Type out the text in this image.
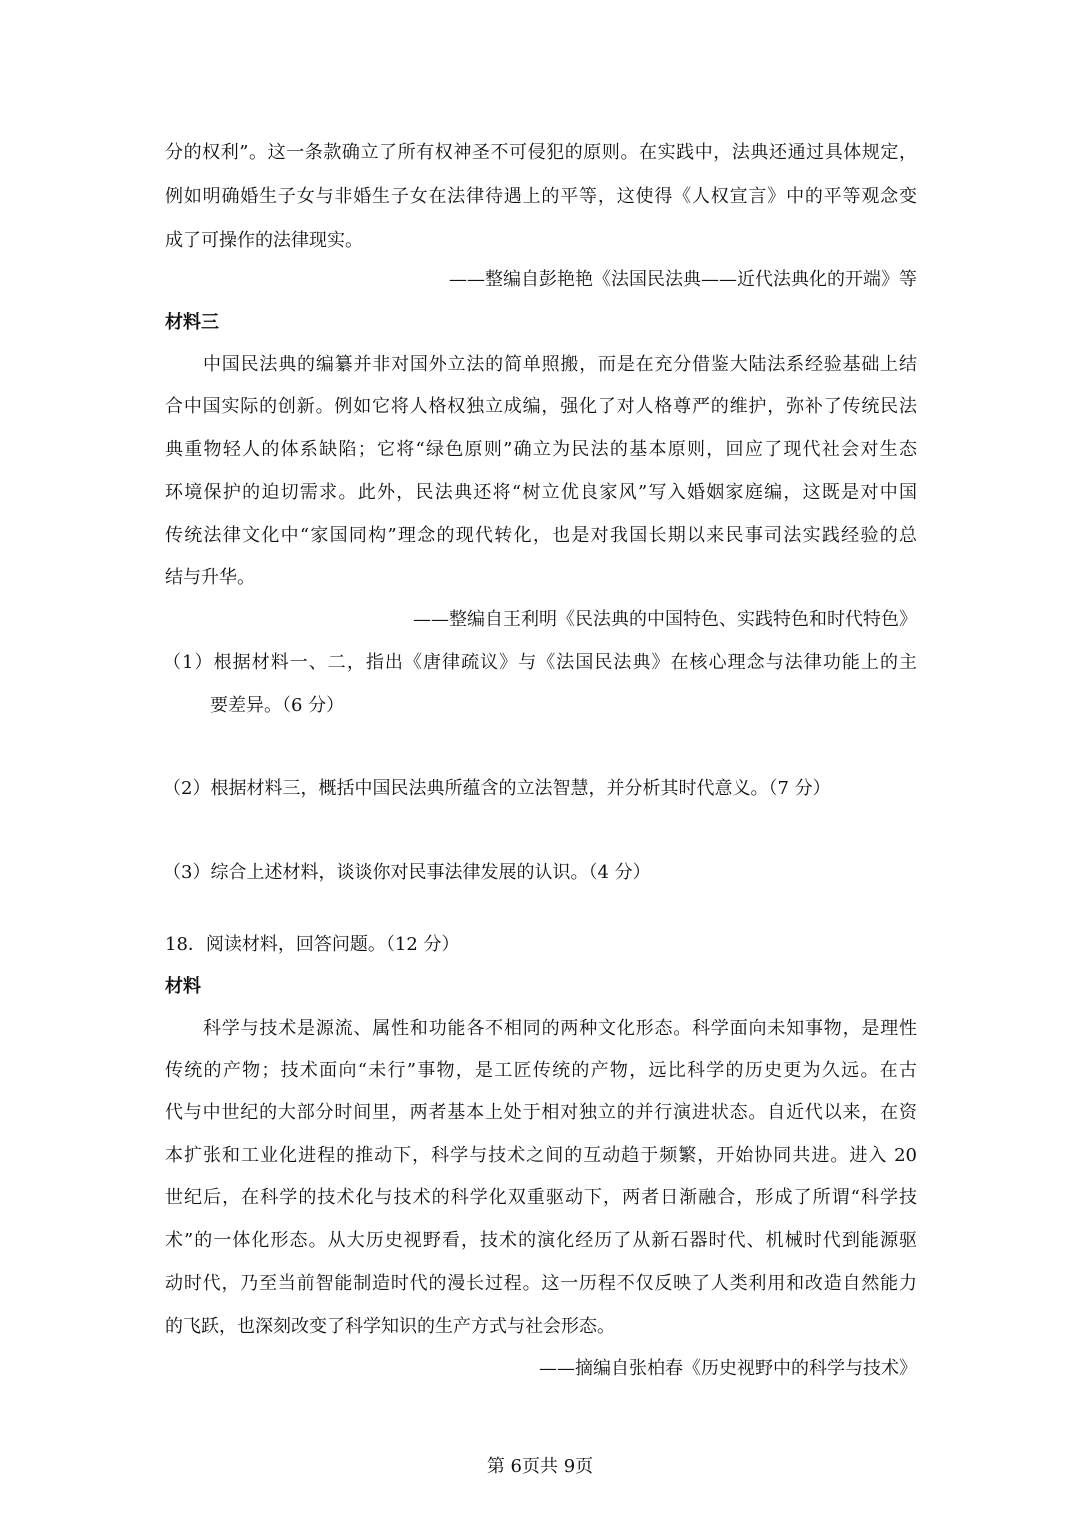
分的权利”。这一条款确立了所有权神圣不可侵犯的原则。在实践中，法典还通过具体规定，
例如明确婚生子女与非婚生子女在法律待遇上的平等，这使得《人权宣言》中的平等观念变
成了可操作的法律现实。
——整编自彭艳艳《法国民法典——近代法典化的开端》等
材料三
中国民法典的编纂并非对国外立法的简单照搬，而是在充分借鉴大陆法系经验基础上结
合中国实际的创新。例如它将人格权独立成编，强化了对人格尊严的维护，弥补了传统民法
典重物轻人的体系缺陷；它将“绿色原则”确立为民法的基本原则，回应了现代社会对生态
环境保护的迫切需求。此外，民法典还将“树立优良家风”写入婚姻家庭编，这既是对中国
传统法律文化中“家国同构”理念的现代转化，也是对我国长期以来民事司法实践经验的总
结与升华。
——整编自王利明《民法典的中国特色、实践特色和时代特色》
（1）根据材料一、二，指出《唐律疏议》与《法国民法典》在核心理念与法律功能上的主
要差异。（6 分）
（2）根据材料三，概括中国民法典所蕴含的立法智慧，并分析其时代意义。（7 分）
（3）综合上述材料，谈谈你对民事法律发展的认识。（4 分）
18．阅读材料，回答问题。（12 分）
材料
科学与技术是源流、属性和功能各不相同的两种文化形态。科学面向未知事物，是理性
传统的产物；技术面向“未行”事物，是工匠传统的产物，远比科学的历史更为久远。在古
代与中世纪的大部分时间里，两者基本上处于相对独立的并行演进状态。自近代以来，在资
本扩张和工业化进程的推动下，科学与技术之间的互动趋于频繁，开始协同共进。进入 20
世纪后，在科学的技术化与技术的科学化双重驱动下，两者日渐融合，形成了所谓“科学技
术”的一体化形态。从大历史视野看，技术的演化经历了从新石器时代、机械时代到能源驱
动时代，乃至当前智能制造时代的漫长过程。这一历程不仅反映了人类利用和改造自然能力
的飞跃，也深刻改变了科学知识的生产方式与社会形态。
——摘编自张柏春《历史视野中的科学与技术》
第 6页共 9页
